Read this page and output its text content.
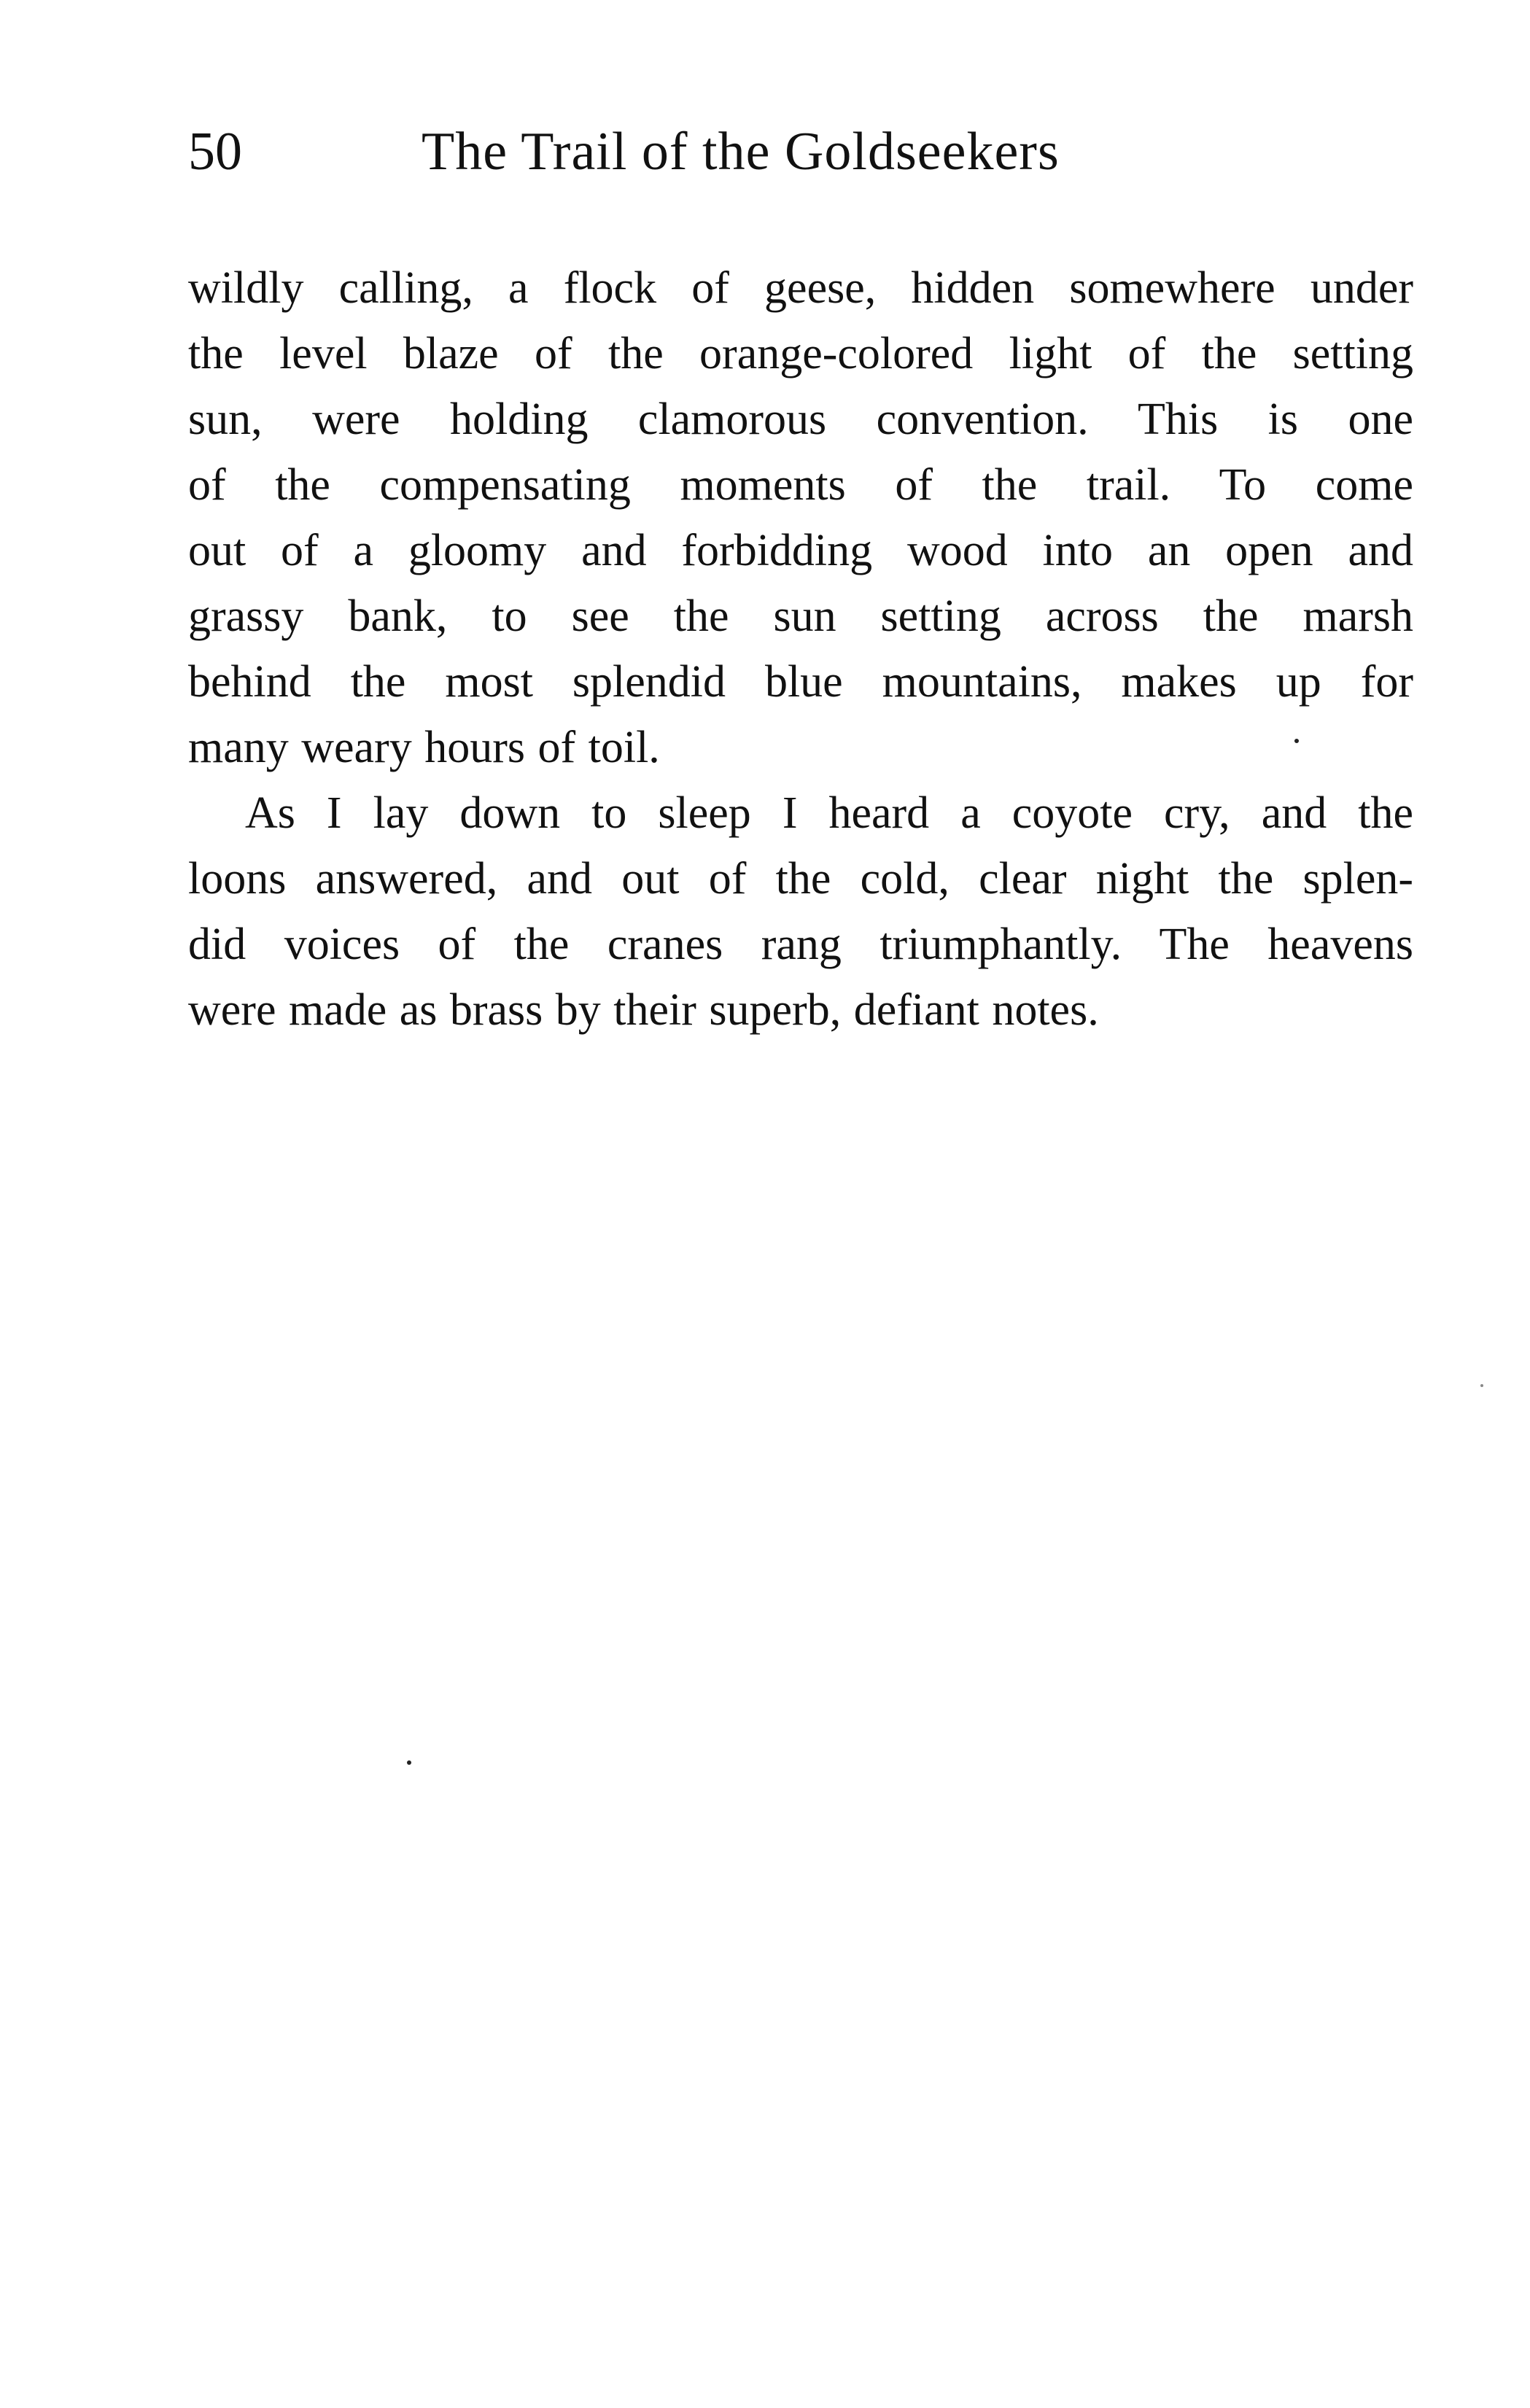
50	The Trail of the Goldseekers
wildly calling, a flock of geese, hidden somewhere under
the level blaze of the orange-colored light of the setting
sun, were holding clamorous convention. This is one
of the compensating moments of the trail. To come
out of a gloomy and forbidding wood into an open and
grassy bank, to see the sun setting across the marsh
behind the most splendid blue mountains, makes up for
many weary hours of toil.
As I lay down to sleep I heard a coyote cry, and the
loons answered, and out of the cold, clear night the splen-
did voices of the cranes rang triumphantly. The heavens
were made as brass by their superb, defiant notes.
